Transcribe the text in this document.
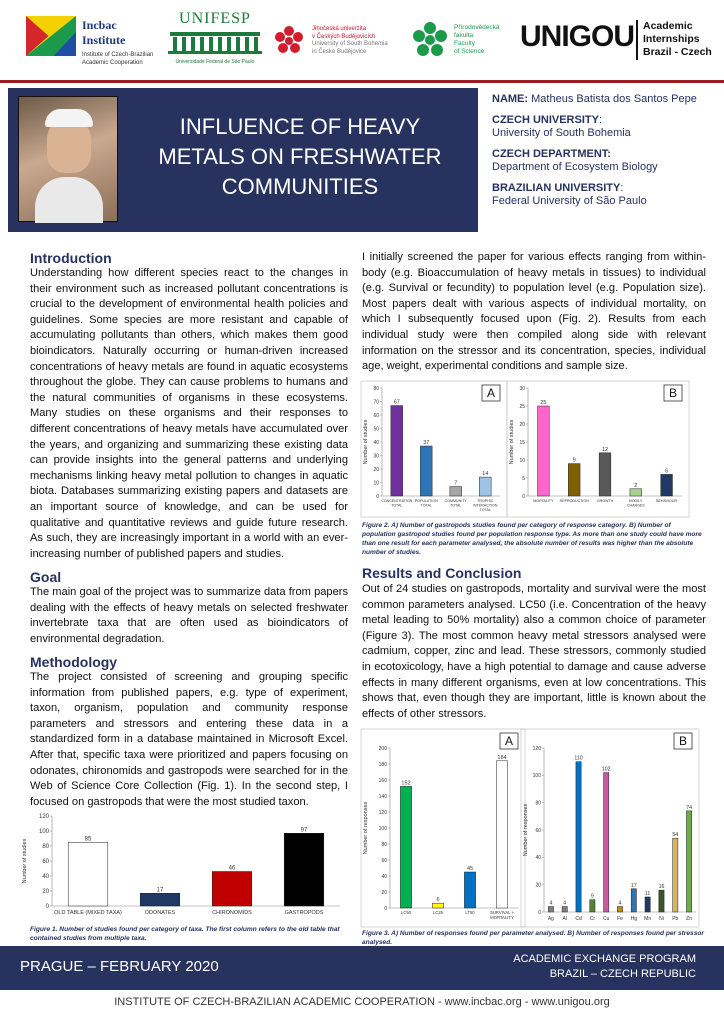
Incbac Institute
Institute of Czech-Brazilian
Academic Cooperation
UNIFESP
Universidade Federal de São Paulo
Jihočeská univerzita
v Českých Budějovicích
University of South Bohemia
in České Budějovice
Přírodovědecká
fakulta
Faculty
of Science	UNIGOU Academic
Internships
Brazil - Czech
INFLUENCE OF HEAVY METALS ON FRESHWATER COMMUNITIES
NAME: Matheus Batista dos Santos Pepe
CZECH UNIVERSITY:
University of South Bohemia
CZECH DEPARTMENT:
Department of Ecosystem Biology
BRAZILIAN UNIVERSITY:
Federal University of São Paulo
Introduction
Understanding how different species react to the changes in their environment such as increased pollutant concentrations is crucial to the development of environmental health policies and guidelines. Some species are more resistant and capable of accumulating pollutants than others, which makes them good bioindicators. Naturally occurring or human-driven increased concentrations of heavy metals are found in aquatic ecosystems throughout the globe. They can cause problems to humans and the natural communities of organisms in these ecosystems. Many studies on these organisms and their responses to different concentrations of heavy metals have accumulated over the years, and organizing and summarizing these existing data can provide insights into the general patterns and underlying mechanisms linking heavy metal pollution to changes in aquatic biota. Databases summarizing existing papers and datasets are an important source of knowledge, and can be used for qualitative and quantitative reviews and guide future research. As such, they are increasingly important in a world with an ever-increasing number of published papers and studies.
Goal
The main goal of the project was to summarize data from papers dealing with the effects of heavy metals on selected freshwater invertebrate taxa that are often used as bioindicators of environmental degradation.
Methodology
The project consisted of screening and grouping specific information from published papers, e.g. type of experiment, taxon, organism, population and community response parameters and stressors and entering these data in a standardized form in a database maintained in Microsoft Excel. After that, specific taxa were prioritized and papers focusing on odonates, chironomids and gastropods were searched for in the Web of Science Core Collection (Fig. 1). In the second step, I focused on gastropods that were the most studied taxon.
0
20
40
60
80
100
120
Number of studies	85
OLD TABLE (MIXED TAXA)
17
ODONATES
46
CHIRONOMIDS
97
GASTROPODS
Figure 1. Number of studies found per category of taxa. The first column refers to the old table that contained studies from multiple taxa.
I initially screened the paper for various effects ranging from within-body (e.g. Bioaccumulation of heavy metals in tissues) to individual (e.g. Survival or fecundity) to population level (e.g. Population size). Most papers dealt with various aspects of individual mortality, on which I subsequently focused upon (Fig. 2). Results from each individual study were then compiled along side with relevant information on the stressor and its concentration, species, individual age, weight, experimental conditions and sample size.
0
10
20
30
40
50
60
70
80
Number of studies
A
67
CONCENTRATION
TOTAL
37
POPULATION
TOTAL
7
COMMUNITY
TOTAL
14
TROPHIC
INTERACTION
TOTAL
0
5
10
15
20
25
30
Number of studies
B
25
MORTALITY
9
REPRODUCTION
12
GROWTH
2
BODILY
CHANGES
6
BEHAVIOUR
Figure 2. A) Number of gastropods studies found per category of response category. B) Number of population gastropod studies found per population response type. As more than one study could have more than one result for each parameter analysed, the absolute number of results was higher than the absolute number of studies.
Results and Conclusion
Out of 24 studies on gastropods, mortality and survival were the most common parameters analysed. LC50 (i.e. Concentration of the heavy metal leading to 50% mortality) also a common choice of parameter (Figure 3). The most common heavy metal stressors analysed were cadmium, copper, zinc and lead. These stressors, commonly studied in ecotoxicology, have a high potential to damage and cause adverse effects in many different organisms, even at low concentrations. This shows that, even though they are important, little is known about the effects of other stressors.
0
20
40
60
80
100
120
140
160
180
200
Number of responses
A
152
LC50
6
LC25
45
LT50
184
SURVIVAL +
MORTALITY
0
20
40
60
80
100
120
Number of responses
B
4
Ag
4
Al
110
Cd
9
Cr
102
Cu
4
Fe
17
Hg
11
Mn
16
Ni
54
Pb
74
Zn
Figure 3. A) Number of responses found per parameter analysed. B) Number of responses found per stressor analysed.
PRAGUE – FEBRUARY 2020	ACADEMIC EXCHANGE PROGRAM
BRAZIL – CZECH REPUBLIC
INSTITUTE OF CZECH-BRAZILIAN ACADEMIC COOPERATION - www.incbac.org - www.unigou.org
